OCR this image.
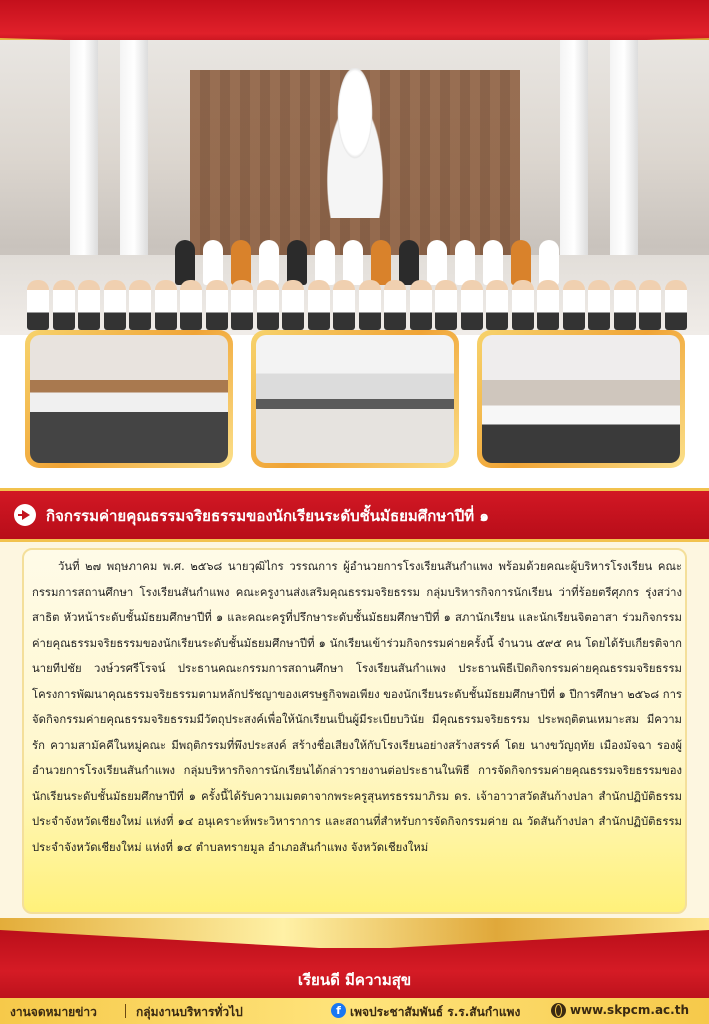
กิจกรรมค่ายคุณธรรมจริยธรรมของนักเรียนระดับชั้นมัธยมศึกษาปีที่ ๑

วันที่ ๒๗ พฤษภาคม พ.ศ. ๒๕๖๘ นายวุฒิไกร วรรณการ ผู้อำนวยการโรงเรียนสันกำแพง พร้อมด้วยคณะผู้บริหารโรงเรียน คณะกรรมการสถานศึกษา โรงเรียนสันกำแพง คณะครูงานส่งเสริมคุณธรรมจริยธรรม กลุ่มบริหารกิจการนักเรียน ว่าที่ร้อยตรีศุภกร รุ่งสว่างสาธิต หัวหน้าระดับชั้นมัธยมศึกษาปีที่ ๑ และคณะครูที่ปรึกษาระดับชั้นมัธยมศึกษาปีที่ ๑ สภานักเรียน และนักเรียนจิตอาสา ร่วมกิจกรรมค่ายคุณธรรมจริยธรรมของนักเรียนระดับชั้นมัธยมศึกษาปีที่ ๑ นักเรียนเข้าร่วมกิจกรรมค่ายครั้งนี้ จำนวน ๕๙๕ คน โดยได้รับเกียรติจากนายทีปชัย วงษ์วรศรีโรจน์ ประธานคณะกรรมการสถานศึกษา โรงเรียนสันกำแพง ประธานพิธีเปิดกิจกรรมค่ายคุณธรรมจริยธรรม โครงการพัฒนาคุณธรรมจริยธรรมตามหลักปรัชญาของเศรษฐกิจพอเพียง ของนักเรียนระดับชั้นมัธยมศึกษาปีที่ ๑ ปีการศึกษา ๒๕๖๘ การจัดกิจกรรมค่ายคุณธรรมจริยธรรมมีวัตถุประสงค์เพื่อให้นักเรียนเป็นผู้มีระเบียบวินัย มีคุณธรรมจริยธรรม ประพฤติตนเหมาะสม มีความรัก ความสามัคคีในหมู่คณะ มีพฤติกรรมที่พึงประสงค์ สร้างชื่อเสียงให้กับโรงเรียนอย่างสร้างสรรค์ โดย นางขวัญฤทัย เมืองมัจฉา รองผู้อำนวยการโรงเรียนสันกำแพง กลุ่มบริหารกิจการนักเรียนได้กล่าวรายงานต่อประธานในพิธี การจัดกิจกรรมค่ายคุณธรรมจริยธรรมของนักเรียนระดับชั้นมัธยมศึกษาปีที่ ๑ ครั้งนี้ได้รับความเมตตาจากพระครูสุนทรธรรมาภิรม ดร. เจ้าอาวาสวัดสันก้างปลา สำนักปฏิบัติธรรมประจำจังหวัดเชียงใหม่ แห่งที่ ๑๔ อนุเคราะห์พระวิหาราการ และสถานที่สำหรับการจัดกิจกรรมค่าย ณ วัดสันก้างปลา สำนักปฏิบัติธรรมประจำจังหวัดเชียงใหม่ แห่งที่ ๑๔ ตำบลทรายมูล อำเภอสันกำแพง จังหวัดเชียงใหม่

เรียนดี มีความสุข
งานจดหมายข่าว	กลุ่มงานบริหารทั่วไป	f เพจประชาสัมพันธ์ ร.ร.สันกำแพง	www.skpcm.ac.th
